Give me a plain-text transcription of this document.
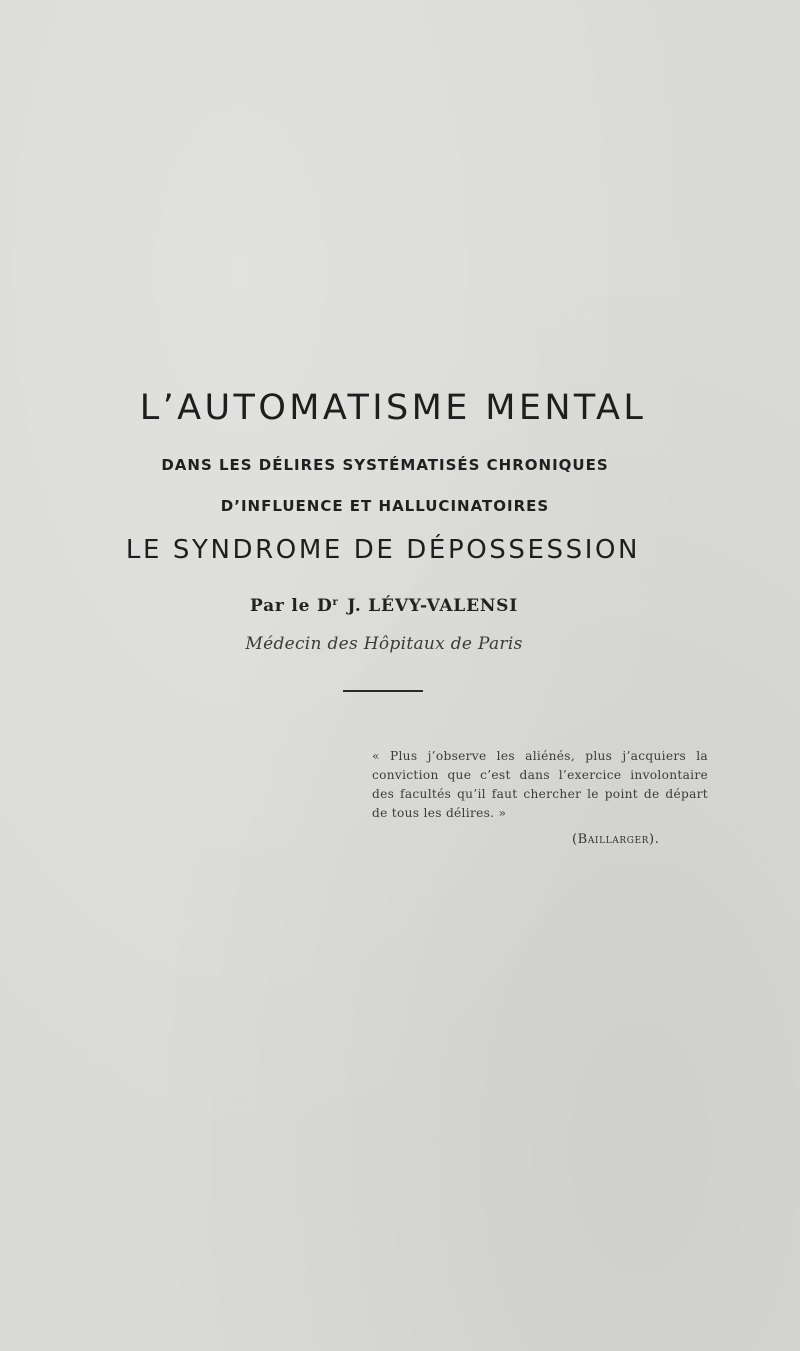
L’AUTOMATISME MENTAL
DANS LES DÉLIRES SYSTÉMATISÉS CHRONIQUES
D’INFLUENCE ET HALLUCINATOIRES
LE SYNDROME DE DÉPOSSESSION
Par le $D^r$ J. LÉVY-VALENSI
Médecin des Hôpitaux de Paris
« Plus j’observe les aliénés, plus j’acquiers la conviction que c’est dans l’exercice involontaire des facultés qu’il faut chercher le point de départ de tous les délires. »
(Baillarger).
